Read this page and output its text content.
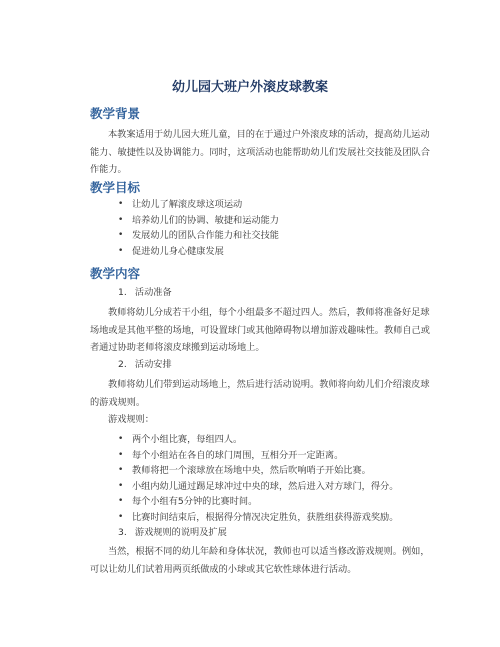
幼儿园大班户外滚皮球教案
教学背景
本教案适用于幼儿园大班儿童，目的在于通过户外滚皮球的活动，提高幼儿运动能力、敏捷性以及协调能力。同时，这项活动也能帮助幼儿们发展社交技能及团队合作能力。
教学目标
• 让幼儿了解滚皮球这项运动
• 培养幼儿们的协调、敏捷和运动能力
• 发展幼儿的团队合作能力和社交技能
• 促进幼儿身心健康发展
教学内容
1. 活动准备
教师将幼儿分成若干小组，每个小组最多不超过四人。然后，教师将准备好足球场地或是其他平整的场地，可设置球门或其他障碍物以增加游戏趣味性。教师自己或者通过协助老师将滚皮球搬到运动场地上。
2. 活动安排
教师将幼儿们带到运动场地上，然后进行活动说明。教师将向幼儿们介绍滚皮球的游戏规则。
游戏规则：
• 两个小组比赛，每组四人。
• 每个小组站在各自的球门周围，互相分开一定距离。
• 教师将把一个滚球放在场地中央，然后吹响哨子开始比赛。
• 小组内幼儿通过踢足球冲过中央的球，然后进入对方球门，得分。
• 每个小组有5分钟的比赛时间。
• 比赛时间结束后，根据得分情况决定胜负，获胜组获得游戏奖励。
3. 游戏规则的说明及扩展
当然，根据不同的幼儿年龄和身体状况，教师也可以适当修改游戏规则。例如，可以让幼儿们试着用两页纸做成的小球或其它软性球体进行活动。
